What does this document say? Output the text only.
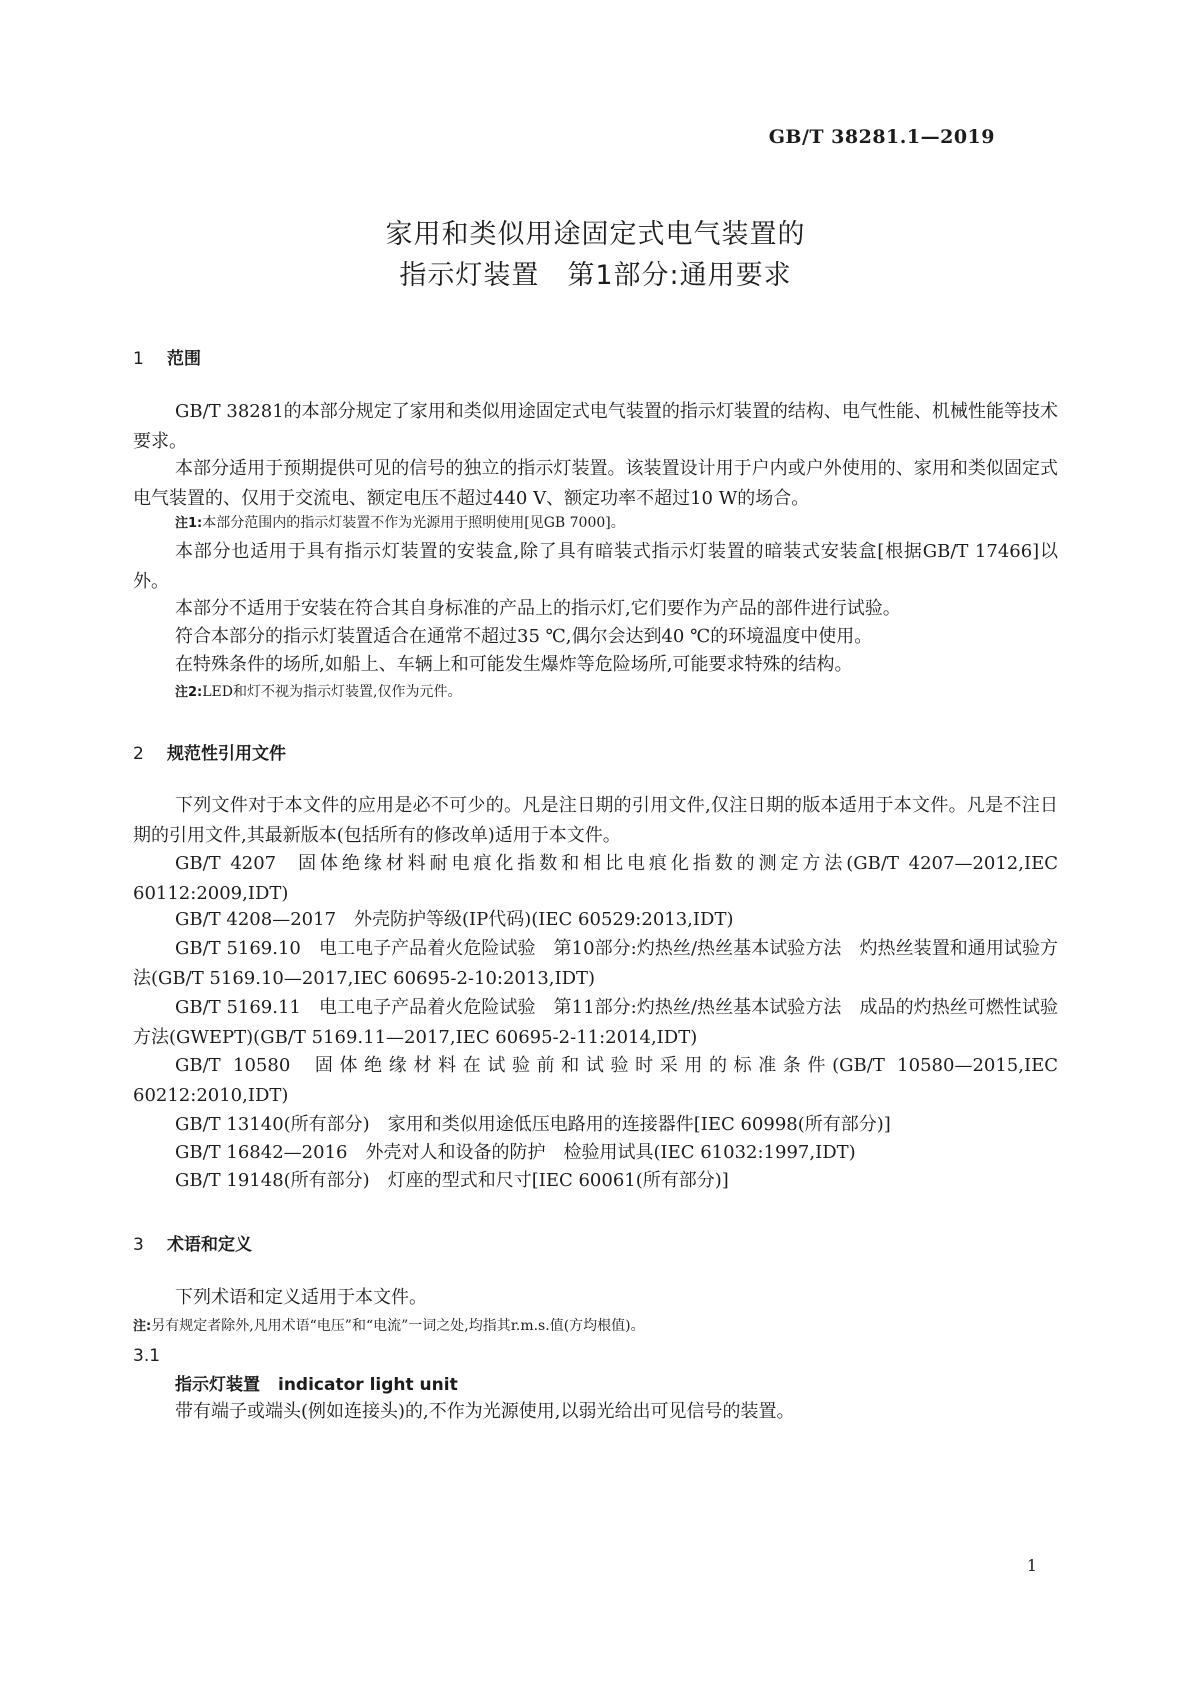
GB/T 38281.1—2019
家用和类似用途固定式电气装置的
指示灯装置　第1部分:通用要求
1 范围

GB/T 38281的本部分规定了家用和类似用途固定式电气装置的指示灯装置的结构、电气性能、机械性能等技术要求。

本部分适用于预期提供可见的信号的独立的指示灯装置。该装置设计用于户内或户外使用的、家用和类似固定式电气装置的、仅用于交流电、额定电压不超过440 V、额定功率不超过10 W的场合。

注1:本部分范围内的指示灯装置不作为光源用于照明使用[见GB 7000]。

本部分也适用于具有指示灯装置的安装盒,除了具有暗装式指示灯装置的暗装式安装盒[根据GB/T 17466]以外。

本部分不适用于安装在符合其自身标准的产品上的指示灯,它们要作为产品的部件进行试验。

符合本部分的指示灯装置适合在通常不超过35 ℃,偶尔会达到40 ℃的环境温度中使用。

在特殊条件的场所,如船上、车辆上和可能发生爆炸等危险场所,可能要求特殊的结构。

注2:LED和灯不视为指示灯装置,仅作为元件。
2 规范性引用文件

下列文件对于本文件的应用是必不可少的。凡是注日期的引用文件,仅注日期的版本适用于本文件。凡是不注日期的引用文件,其最新版本(包括所有的修改单)适用于本文件。

GB/T 4207 固体绝缘材料耐电痕化指数和相比电痕化指数的测定方法(GB/T 4207—2012,IEC 60112:2009,IDT)

GB/T 4208—2017 外壳防护等级(IP代码)(IEC 60529:2013,IDT)

GB/T 5169.10 电工电子产品着火危险试验　第10部分:灼热丝/热丝基本试验方法　灼热丝装置和通用试验方法(GB/T 5169.10—2017,IEC 60695-2-10:2013,IDT)

GB/T 5169.11 电工电子产品着火危险试验　第11部分:灼热丝/热丝基本试验方法　成品的灼热丝可燃性试验方法(GWEPT)(GB/T 5169.11—2017,IEC 60695-2-11:2014,IDT)

GB/T 10580 固体绝缘材料在试验前和试验时采用的标准条件(GB/T 10580—2015,IEC 60212:2010,IDT)

GB/T 13140(所有部分) 家用和类似用途低压电路用的连接器件[IEC 60998(所有部分)]

GB/T 16842—2016 外壳对人和设备的防护　检验用试具(IEC 61032:1997,IDT)

GB/T 19148(所有部分) 灯座的型式和尺寸[IEC 60061(所有部分)]

3 术语和定义

下列术语和定义适用于本文件。

注:另有规定者除外,凡用术语“电压”和“电流”一词之处,均指其r.m.s.值(方均根值)。
3.1
指示灯装置 indicator light unit

带有端子或端头(例如连接头)的,不作为光源使用,以弱光给出可见信号的装置。

1
